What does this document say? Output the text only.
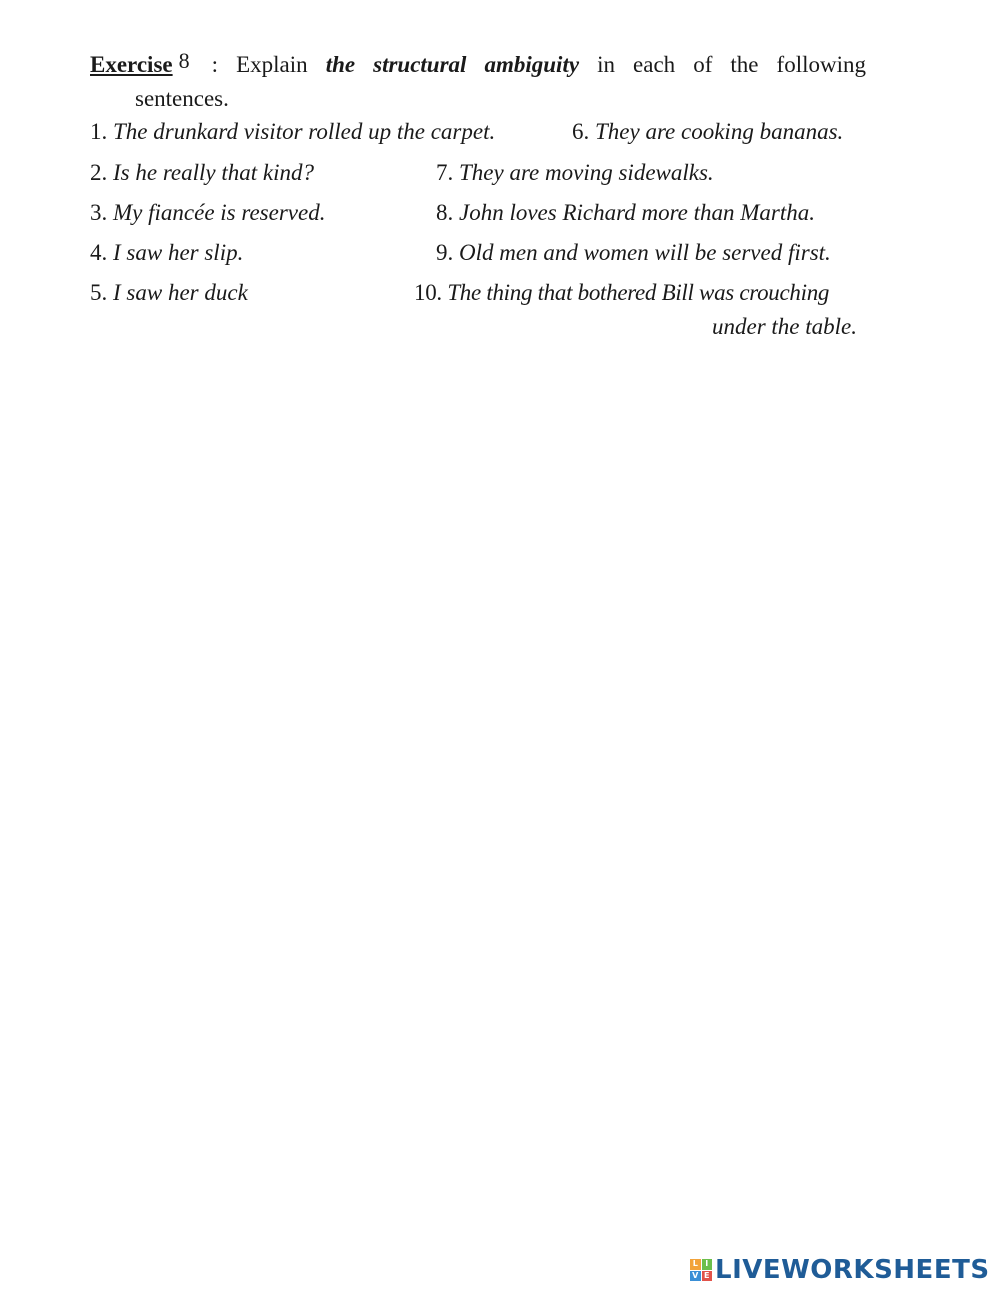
Exercise 8 : Explain the structural ambiguity in each of the following
sentences.
1. The drunkard visitor rolled up the carpet.
2. Is he really that kind?
3. My fiancée is reserved.
4. I saw her slip.
5. I saw her duck
6. They are cooking bananas.
7. They are moving sidewalks.
8. John loves Richard more than Martha.
9. Old men and women will be served first.
10. The thing that bothered Bill was crouching
under the table.
L I
V E LIVEWORKSHEETS
